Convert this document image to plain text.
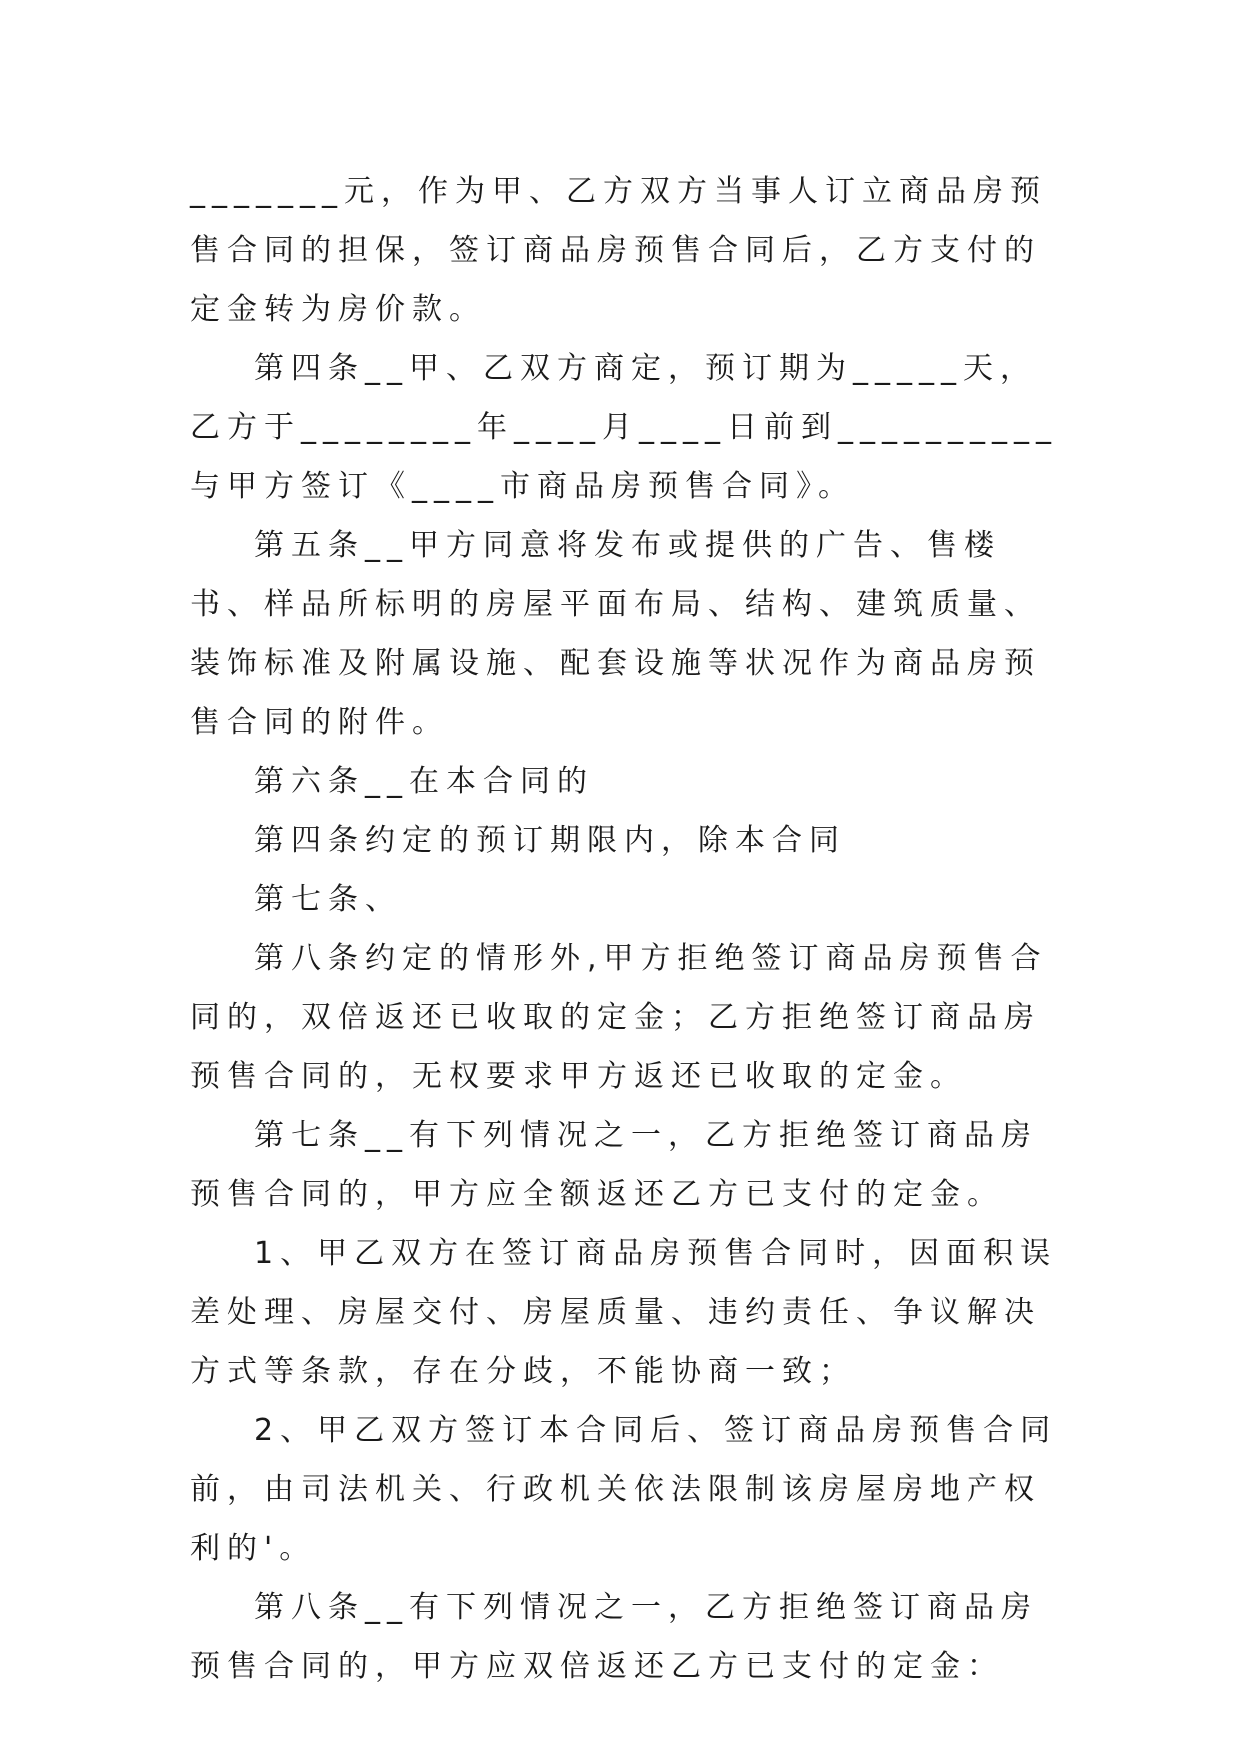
_______元，作为甲、乙方双方当事人订立商品房预售合同的担保，签订商品房预售合同后，乙方支付的定金转为房价款。

第四条__甲、乙双方商定，预订期为_____天，乙方于________年____月____日前到__________与甲方签订《____市商品房预售合同》。

第五条__甲方同意将发布或提供的广告、售楼书、样品所标明的房屋平面布局、结构、建筑质量、装饰标准及附属设施、配套设施等状况作为商品房预售合同的附件。

第六条__在本合同的

第四条约定的预订期限内，除本合同

第七条、

第八条约定的情形外,甲方拒绝签订商品房预售合同的，双倍返还已收取的定金；乙方拒绝签订商品房预售合同的，无权要求甲方返还已收取的定金。

第七条__有下列情况之一，乙方拒绝签订商品房预售合同的，甲方应全额返还乙方已支付的定金。

1、甲乙双方在签订商品房预售合同时，因面积误差处理、房屋交付、房屋质量、违约责任、争议解决方式等条款，存在分歧，不能协商一致；

2、甲乙双方签订本合同后、签订商品房预售合同前，由司法机关、行政机关依法限制该房屋房地产权利的'。

第八条__有下列情况之一，乙方拒绝签订商品房预售合同的，甲方应双倍返还乙方已支付的定金：
